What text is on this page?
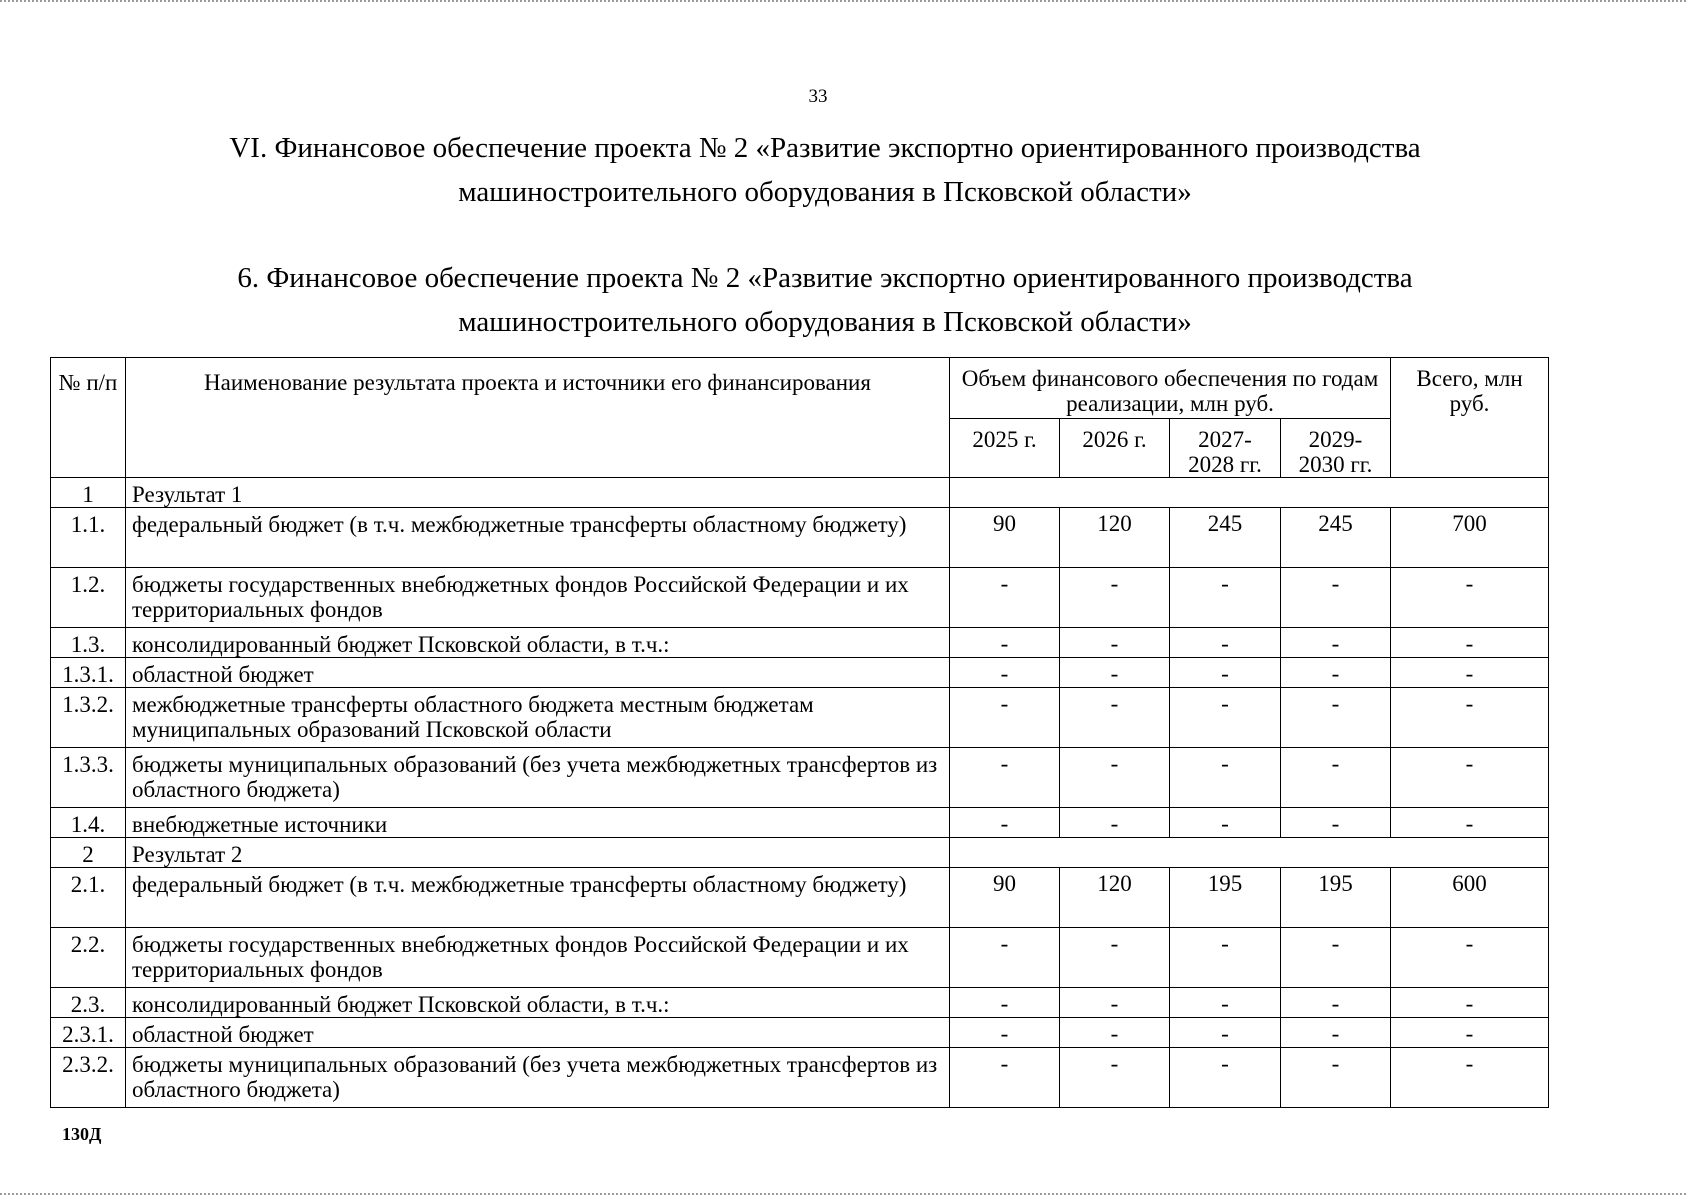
33
VI. Финансовое обеспечение проекта № 2 «Развитие экспортно ориентированного производства машиностроительного оборудования в Псковской области»
6. Финансовое обеспечение проекта № 2 «Развитие экспортно ориентированного производства машиностроительного оборудования в Псковской области»
№ п/п	Наименование результата проекта и источники его финансирования	Объем финансового обеспечения по годам реализации, млн руб.				Всего, млн руб.
		2025 г.	2026 г.	2027-2028 гг.	2029-2030 гг.	
1	Результат 1					
1.1.	федеральный бюджет (в т.ч. межбюджетные трансферты областному бюджету)	90	120	245	245	700
1.2.	бюджеты государственных внебюджетных фондов Российской Федерации и их территориальных фондов	-	-	-	-	-
1.3.	консолидированный бюджет Псковской области, в т.ч.:	-	-	-	-	-
1.3.1.	областной бюджет	-	-	-	-	-
1.3.2.	межбюджетные трансферты областного бюджета местным бюджетам муниципальных образований Псковской области	-	-	-	-	-
1.3.3.	бюджеты муниципальных образований (без учета межбюджетных трансфертов из областного бюджета)	-	-	-	-	-
1.4.	внебюджетные источники	-	-	-	-	-
2	Результат 2					
2.1.	федеральный бюджет (в т.ч. межбюджетные трансферты областному бюджету)	90	120	195	195	600
2.2.	бюджеты государственных внебюджетных фондов Российской Федерации и их территориальных фондов	-	-	-	-	-
2.3.	консолидированный бюджет Псковской области, в т.ч.:	-	-	-	-	-
2.3.1.	областной бюджет	-	-	-	-	-
2.3.2.	бюджеты муниципальных образований (без учета межбюджетных трансфертов из областного бюджета)	-	-	-	-	-
130Д
